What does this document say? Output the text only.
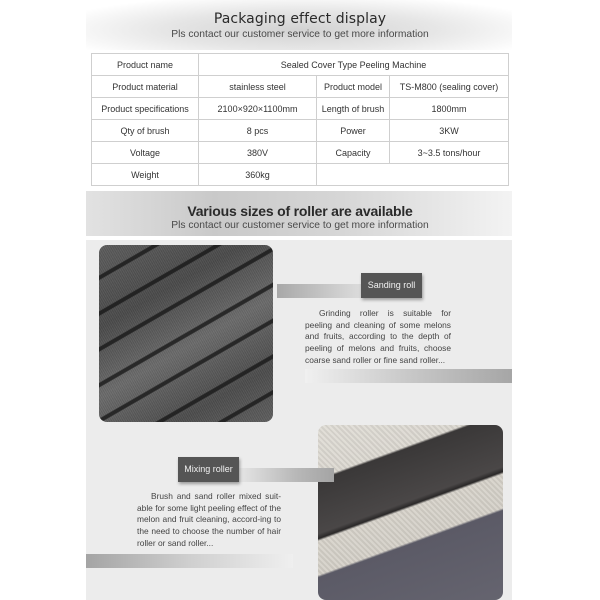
Packaging effect display
Pls contact our customer service to get more information
Product name	Sealed Cover Type Peeling Machine		
Product material	stainless steel	Product model	TS-M800 (sealing cover)
Product specifications	2100×920×1100mm	Length of brush	1800mm
Qty of brush	8 pcs	Power	3KW
Voltage	380V	Capacity	3~3.5 tons/hour
Weight	360kg		
Various sizes of roller are available
Pls contact our customer service to get more information
Sanding roll
Grinding roller is suitable for peeling and cleaning of some melons and fruits, according to the depth of peeling of melons and fruits, choose coarse sand roller or fine sand roller...
Mixing roller
Brush and sand roller mixed suit-able for some light peeling effect of the melon and fruit cleaning, accord-ing to the need to choose the number of hair roller or sand roller...
